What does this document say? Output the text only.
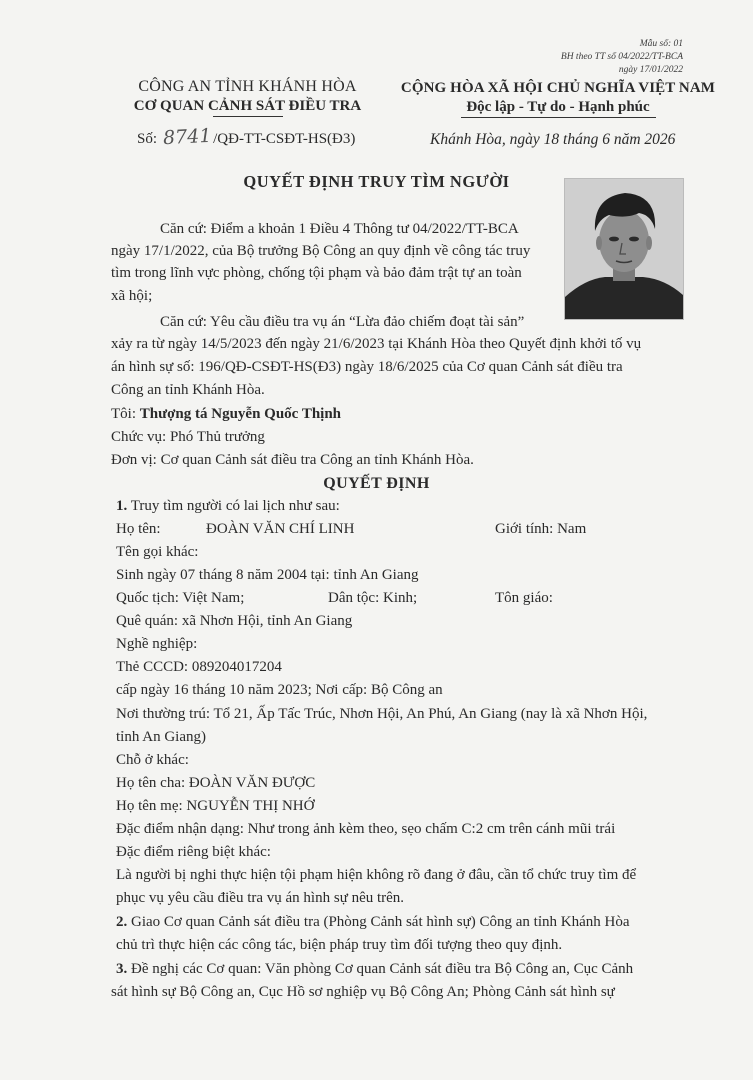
Mẫu số: 01
BH theo TT số 04/2022/TT-BCA
ngày 17/01/2022
CÔNG AN TỈNH KHÁNH HÒA
CƠ QUAN CẢNH SÁT ĐIỀU TRA
Số: 8741/QĐ-TT-CSĐT-HS(Đ3)
CỘNG HÒA XÃ HỘI CHỦ NGHĨA VIỆT NAM
Độc lập - Tự do - Hạnh phúc
Khánh Hòa, ngày 18 tháng 6 năm 2026
QUYẾT ĐỊNH TRUY TÌM NGƯỜI
Căn cứ: Điểm a khoản 1 Điều 4 Thông tư 04/2022/TT-BCA
ngày 17/1/2022, của Bộ trưởng Bộ Công an quy định về công tác truy
tìm trong lĩnh vực phòng, chống tội phạm và bảo đảm trật tự an toàn
xã hội;
Căn cứ: Yêu cầu điều tra vụ án “Lừa đảo chiếm đoạt tài sản”
xảy ra từ ngày 14/5/2023 đến ngày 21/6/2023 tại Khánh Hòa theo Quyết định khởi tố vụ
án hình sự số: 196/QĐ-CSĐT-HS(Đ3) ngày 18/6/2025 của Cơ quan Cảnh sát điều tra
Công an tỉnh Khánh Hòa.
Tôi: Thượng tá Nguyễn Quốc Thịnh
Chức vụ: Phó Thủ trưởng
Đơn vị: Cơ quan Cảnh sát điều tra Công an tỉnh Khánh Hòa.
QUYẾT ĐỊNH
1. Truy tìm người có lai lịch như sau:
Họ tên:	ĐOÀN VĂN CHÍ LINH	Giới tính: Nam
Tên gọi khác:
Sinh ngày 07 tháng 8 năm 2004 tại: tỉnh An Giang
Quốc tịch: Việt Nam;	Dân tộc: Kinh;	Tôn giáo:
Quê quán: xã Nhơn Hội, tỉnh An Giang
Nghề nghiệp:
Thẻ CCCD: 089204017204
cấp ngày 16 tháng 10 năm 2023; Nơi cấp: Bộ Công an
Nơi thường trú: Tổ 21, Ấp Tấc Trúc, Nhơn Hội, An Phú, An Giang (nay là xã Nhơn Hội,
tỉnh An Giang)
Chỗ ở khác:
Họ tên cha: ĐOÀN VĂN ĐƯỢC
Họ tên mẹ: NGUYỄN THỊ NHỚ
Đặc điểm nhận dạng: Như trong ảnh kèm theo, sẹo chấm C:2 cm trên cánh mũi trái
Đặc điểm riêng biệt khác:
Là người bị nghi thực hiện tội phạm hiện không rõ đang ở đâu, cần tổ chức truy tìm để
phục vụ yêu cầu điều tra vụ án hình sự nêu trên.
2. Giao Cơ quan Cảnh sát điều tra (Phòng Cảnh sát hình sự) Công an tỉnh Khánh Hòa
chủ trì thực hiện các công tác, biện pháp truy tìm đối tượng theo quy định.
3. Đề nghị các Cơ quan: Văn phòng Cơ quan Cảnh sát điều tra Bộ Công an, Cục Cảnh
sát hình sự Bộ Công an, Cục Hồ sơ nghiệp vụ Bộ Công An; Phòng Cảnh sát hình sự
